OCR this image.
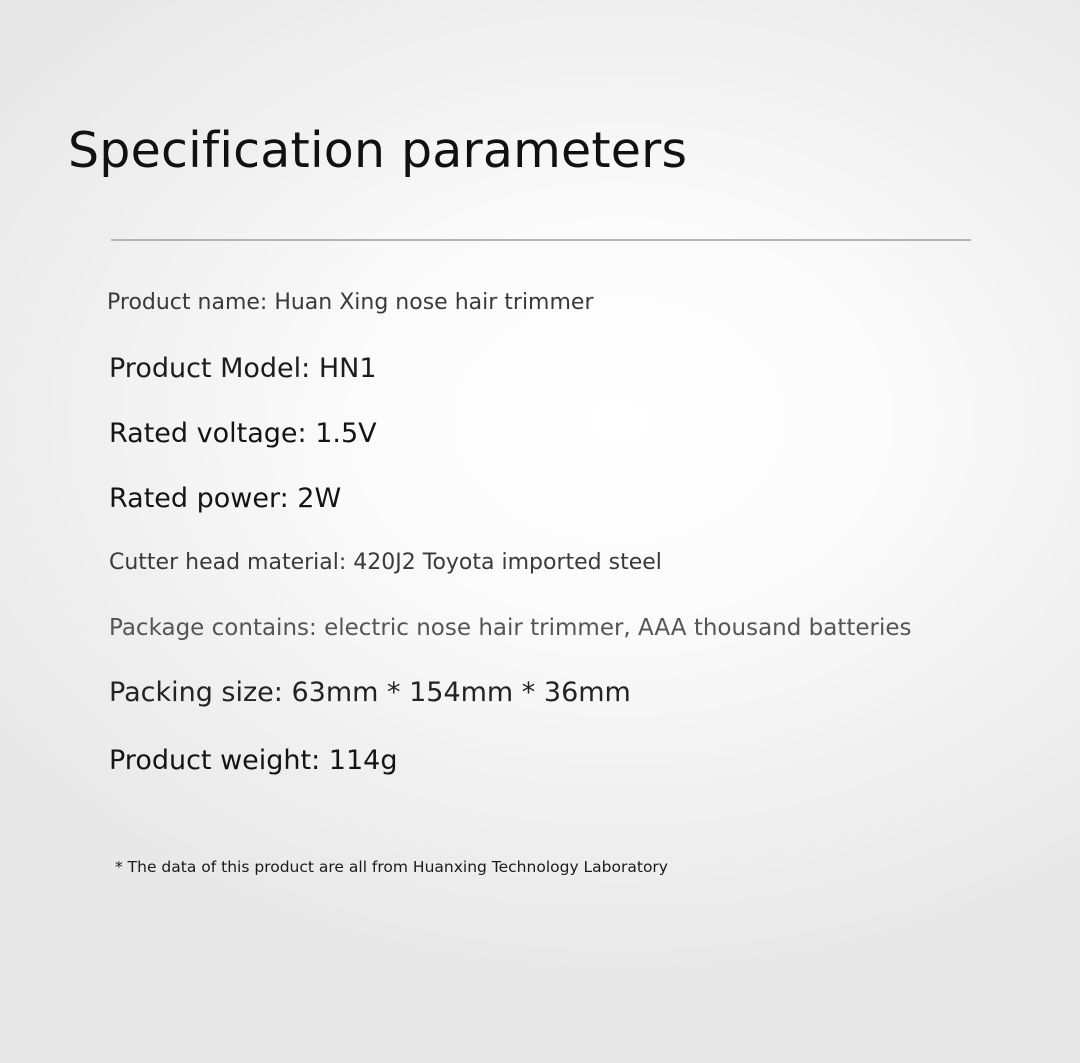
Specification parameters

Product name: Huan Xing nose hair trimmer

Product Model: HN1

Rated voltage: 1.5V

Rated power: 2W

Cutter head material: 420J2 Toyota imported steel

Package contains: electric nose hair trimmer, AAA thousand batteries

Packing size: 63mm * 154mm * 36mm

Product weight: 114g

* The data of this product are all from Huanxing Technology Laboratory
